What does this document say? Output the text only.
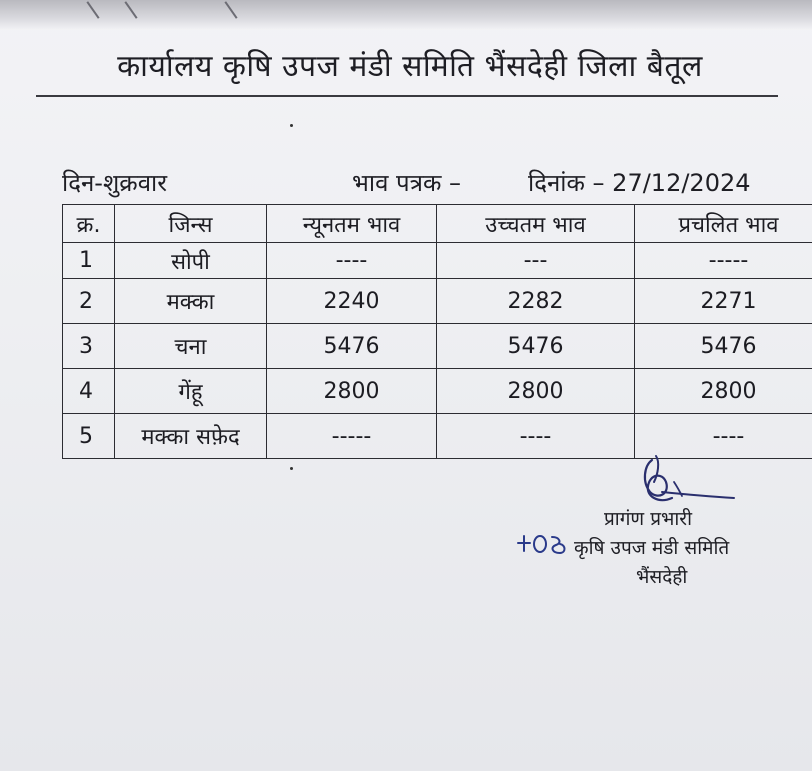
कार्यालय कृषि उपज मंडी समिति भैंसदेही जिला बैतूल
दिन-शुक्रवार	भाव पत्रक –	दिनांक – 27/12/2024
क्र.	जिन्स	न्यूनतम भाव	उच्चतम भाव	प्रचलित भाव
1	सोपी	----	---	-----
2	मक्का	2240	2282	2271
3	चना	5476	5476	5476
4	गेंहू	2800	2800	2800
5	मक्का सफ़ेद	-----	----	----
प्रागंण प्रभारी
कृषि उपज मंडी समिति
भैंसदेही
